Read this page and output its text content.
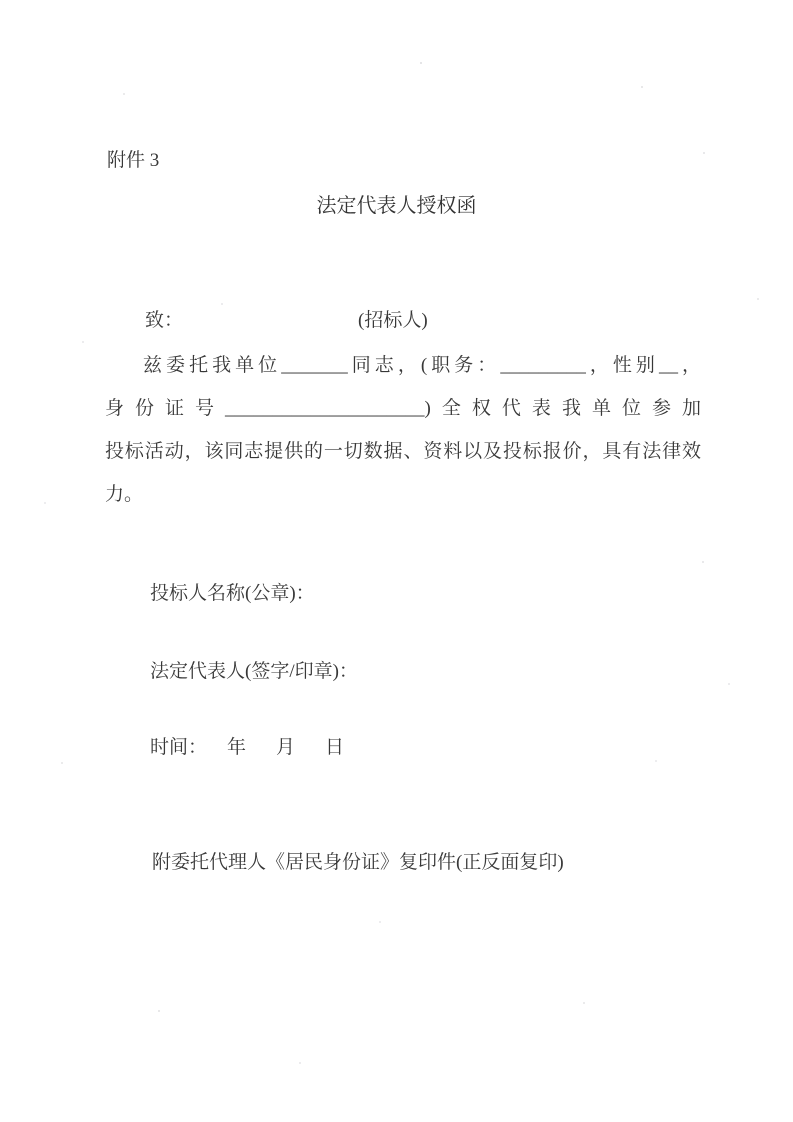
附件 3
法定代表人授权函
致：	(招标人)
兹委托我单位_______同志，(职务：_________，性别__，
身份证号_____________________)全权代表我单位参加
投标活动，该同志提供的一切数据、资料以及投标报价，具有法律效
力。
投标人名称(公章)：
法定代表人(签字/印章)：
时间： 年 月 日
附委托代理人《居民身份证》复印件(正反面复印)
